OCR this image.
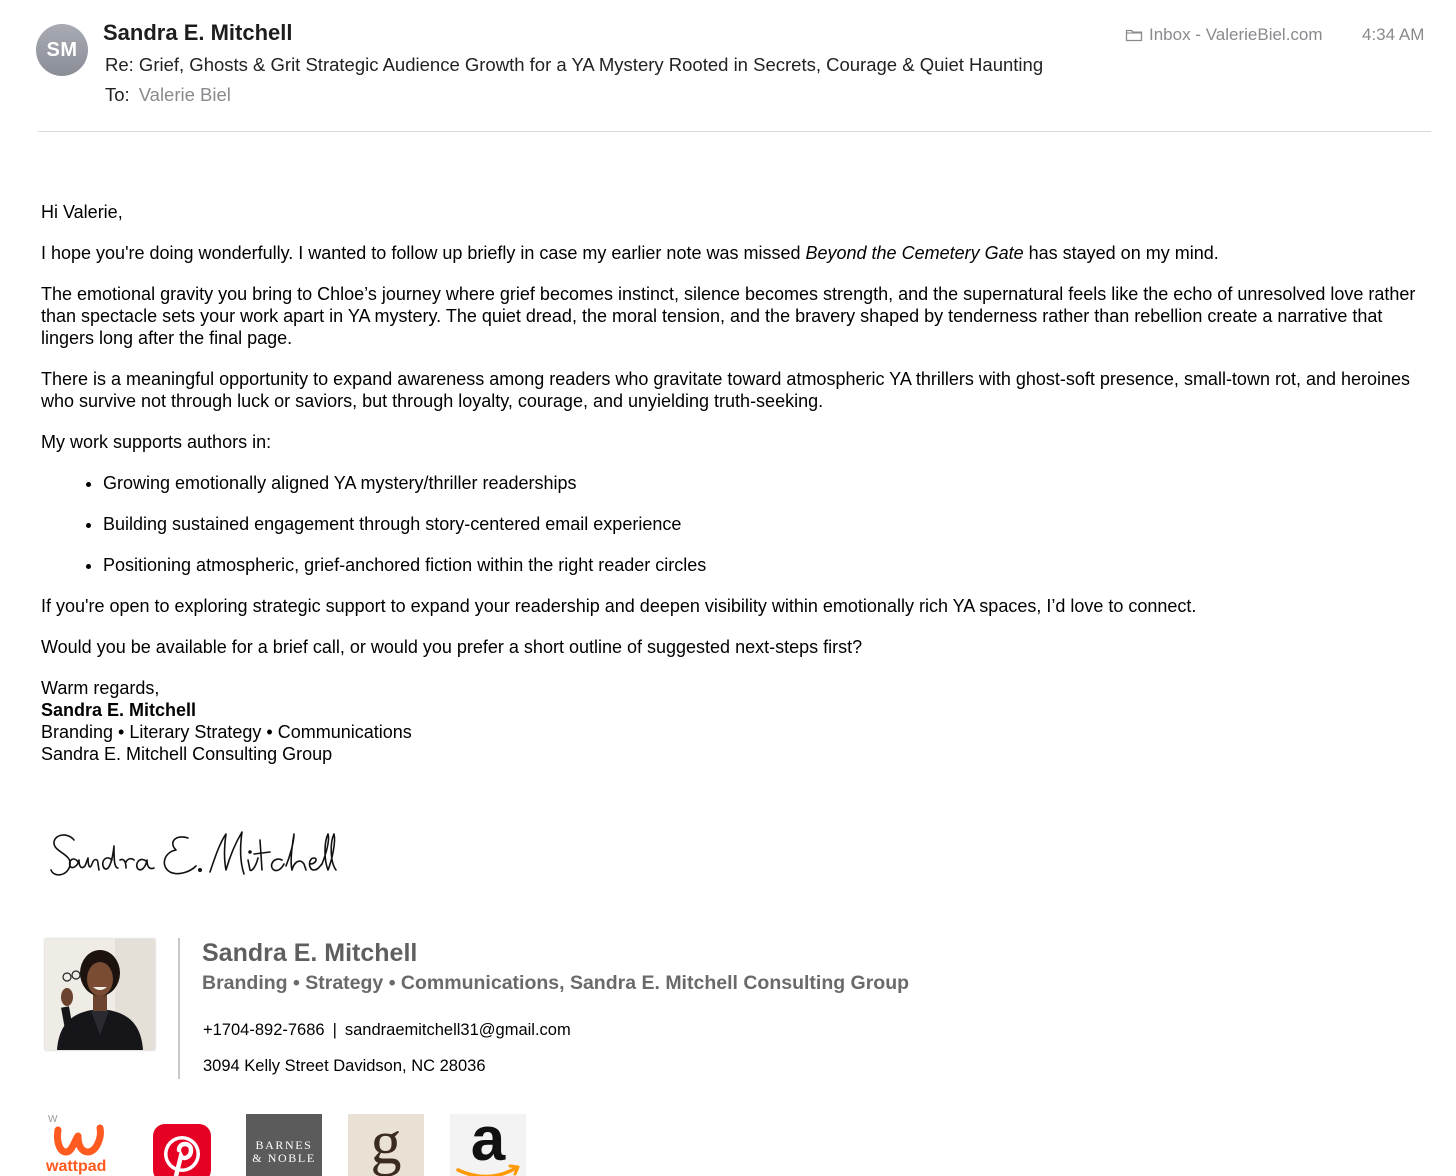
SM
Sandra E. Mitchell
Re: Grief, Ghosts & Grit Strategic Audience Growth for a YA Mystery Rooted in Secrets, Courage & Quiet Haunting
To: Valerie Biel
Inbox - ValerieBiel.com 4:34 AM

Hi Valerie,

I hope you're doing wonderfully. I wanted to follow up briefly in case my earlier note was missed Beyond the Cemetery Gate has stayed on my mind.

The emotional gravity you bring to Chloe’s journey where grief becomes instinct, silence becomes strength, and the supernatural feels like the echo of unresolved love rather than spectacle sets your work apart in YA mystery. The quiet dread, the moral tension, and the bravery shaped by tenderness rather than rebellion create a narrative that lingers long after the final page.

There is a meaningful opportunity to expand awareness among readers who gravitate toward atmospheric YA thrillers with ghost-soft presence, small-town rot, and heroines who survive not through luck or saviors, but through loyalty, courage, and unyielding truth-seeking.

My work supports authors in:

• Growing emotionally aligned YA mystery/thriller readerships
• Building sustained engagement through story-centered email experience
• Positioning atmospheric, grief-anchored fiction within the right reader circles

If you're open to exploring strategic support to expand your readership and deepen visibility within emotionally rich YA spaces, I’d love to connect.

Would you be available for a brief call, or would you prefer a short outline of suggested next-steps first?

Warm regards,
Sandra E. Mitchell
Branding • Literary Strategy • Communications
Sandra E. Mitchell Consulting Group
Sandra E. Mitchell
Branding • Strategy • Communications, Sandra E. Mitchell Consulting Group
+1704-892-7686 | sandraemitchell31@gmail.com
3094 Kelly Street Davidson, NC 28036
W
wattpad
BARNES
& NOBLE g	a
